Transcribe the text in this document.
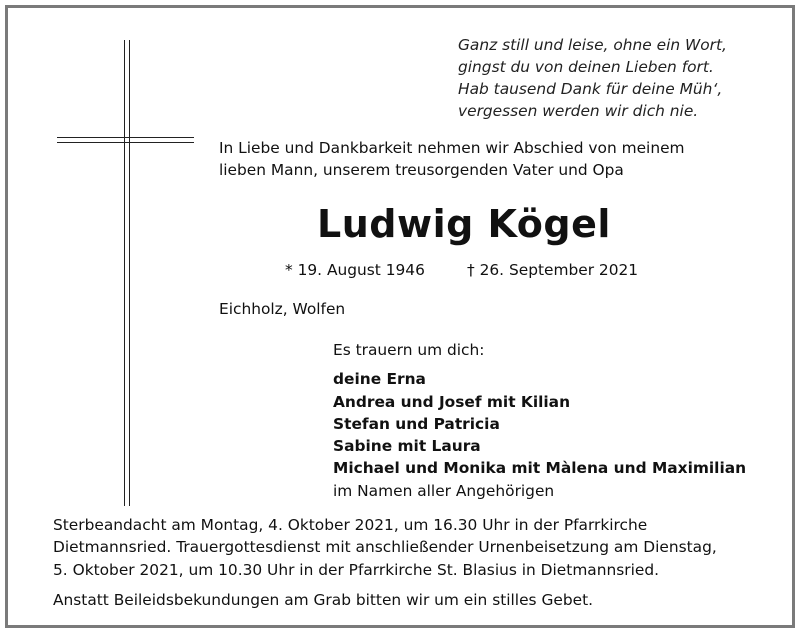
Ganz still und leise, ohne ein Wort,
gingst du von deinen Lieben fort.
Hab tausend Dank für deine Müh‘,
vergessen werden wir dich nie.
In Liebe und Dankbarkeit nehmen wir Abschied von meinem
lieben Mann, unserem treusorgenden Vater und Opa
Ludwig Kögel
* 19. August 1946	† 26. September 2021
Eichholz, Wolfen
Es trauern um dich:
deine Erna
Andrea und Josef mit Kilian
Stefan und Patricia
Sabine mit Laura
Michael und Monika mit Màlena und Maximilian
im Namen aller Angehörigen
Sterbeandacht am Montag, 4. Oktober 2021, um 16.30 Uhr in der Pfarrkirche
Dietmannsried. Trauergottesdienst mit anschließender Urnenbeisetzung am Dienstag,
5. Oktober 2021, um 10.30 Uhr in der Pfarrkirche St. Blasius in Dietmannsried.
Anstatt Beileidsbekundungen am Grab bitten wir um ein stilles Gebet.
